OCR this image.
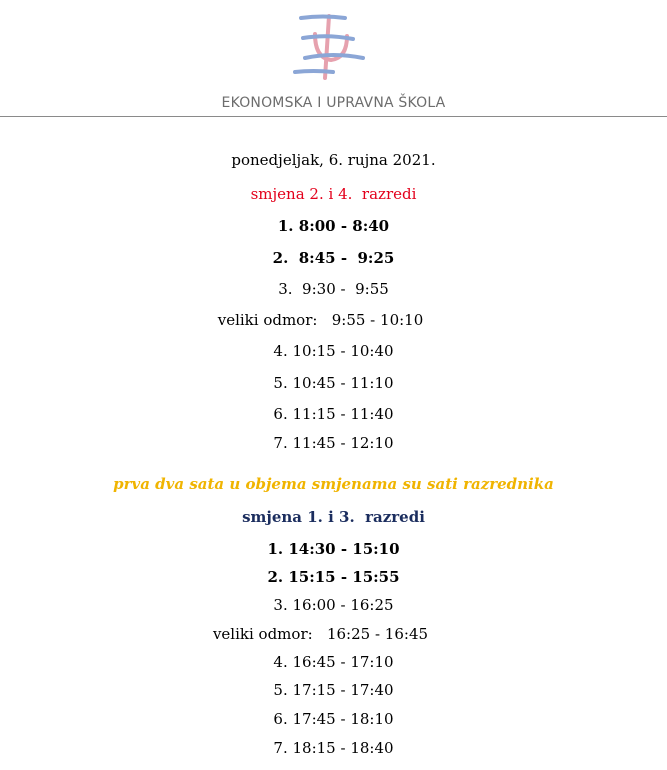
EKONOMSKA I UPRAVNA ŠKOLA
ponedjeljak, 6. rujna 2021.
smjena 2. i 4.  razredi
1. 8:00 - 8:40
2.  8:45 -  9:25
3.  9:30 -  9:55
veliki odmor:   9:55 - 10:10
4. 10:15 - 10:40
5. 10:45 - 11:10
6. 11:15 - 11:40
7. 11:45 - 12:10
prva dva sata u objema smjenama su sati razrednika
smjena 1. i 3.  razredi
1. 14:30 - 15:10
2. 15:15 - 15:55
3. 16:00 - 16:25
veliki odmor:   16:25 - 16:45
4. 16:45 - 17:10
5. 17:15 - 17:40
6. 17:45 - 18:10
7. 18:15 - 18:40
